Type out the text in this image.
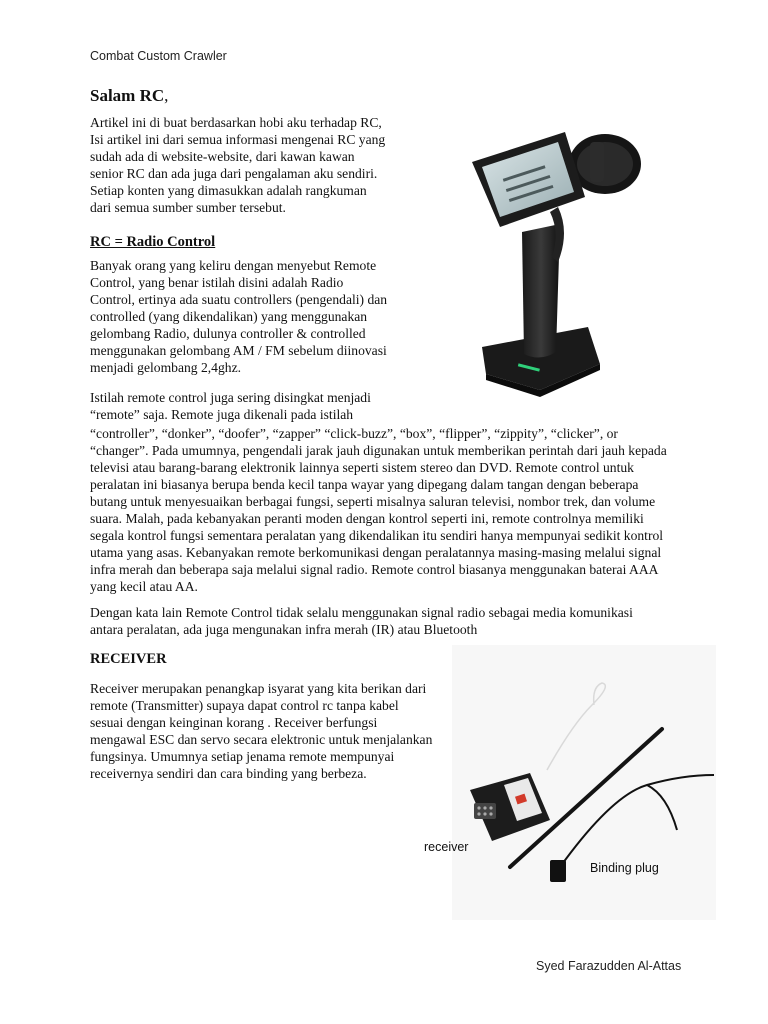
Combat Custom Crawler
Salam RC,

Artikel ini di buat berdasarkan hobi aku terhadap RC,

Isi artikel ini dari semua informasi mengenai RC yang

sudah ada di website-website, dari kawan kawan

senior RC dan ada juga dari pengalaman aku sendiri.

Setiap konten yang dimasukkan adalah rangkuman

dari semua sumber sumber tersebut.

RC = Radio Control

Banyak orang yang keliru dengan menyebut Remote

Control, yang benar istilah disini adalah Radio

Control, ertinya ada suatu controllers (pengendali) dan

controlled (yang dikendalikan) yang menggunakan

gelombang Radio, dulunya controller & controlled

menggunakan gelombang AM / FM sebelum diinovasi

menjadi gelombang 2,4ghz.

Istilah remote control juga sering disingkat menjadi

“remote” saja. Remote juga dikenali pada istilah

“controller”, “donker”, “doofer”, “zapper” “click-buzz”, “box”, “flipper”, “zippity”, “clicker”, or

“changer”. Pada umumnya, pengendali jarak jauh digunakan untuk memberikan perintah dari jauh kepada

televisi atau barang-barang elektronik lainnya seperti sistem stereo dan DVD. Remote control untuk

peralatan ini biasanya berupa benda kecil tanpa wayar yang dipegang dalam tangan dengan beberapa

butang untuk menyesuaikan berbagai fungsi, seperti misalnya saluran televisi, nombor trek, dan volume

suara. Malah, pada kebanyakan peranti moden dengan kontrol seperti ini, remote controlnya memiliki

segala kontrol fungsi sementara peralatan yang dikendalikan itu sendiri hanya mempunyai sedikit kontrol

utama yang asas. Kebanyakan remote berkomunikasi dengan peralatannya masing-masing melalui signal

infra merah dan beberapa saja melalui signal radio. Remote control biasanya menggunakan baterai AAA

yang kecil atau AA.

Dengan kata lain Remote Control tidak selalu menggunakan signal radio sebagai media komunikasi

antara peralatan, ada juga mengunakan infra merah (IR) atau Bluetooth

RECEIVER

Receiver merupakan penangkap isyarat yang kita berikan dari

remote (Transmitter) supaya dapat control rc tanpa kabel

sesuai dengan keinginan korang . Receiver berfungsi

mengawal ESC dan servo secara elektronic untuk menjalankan

fungsinya. Umumnya setiap jenama remote mempunyai

receivernya sendiri dan cara binding yang berbeza.

receiver
Binding plug
Syed Farazudden Al-Attas
